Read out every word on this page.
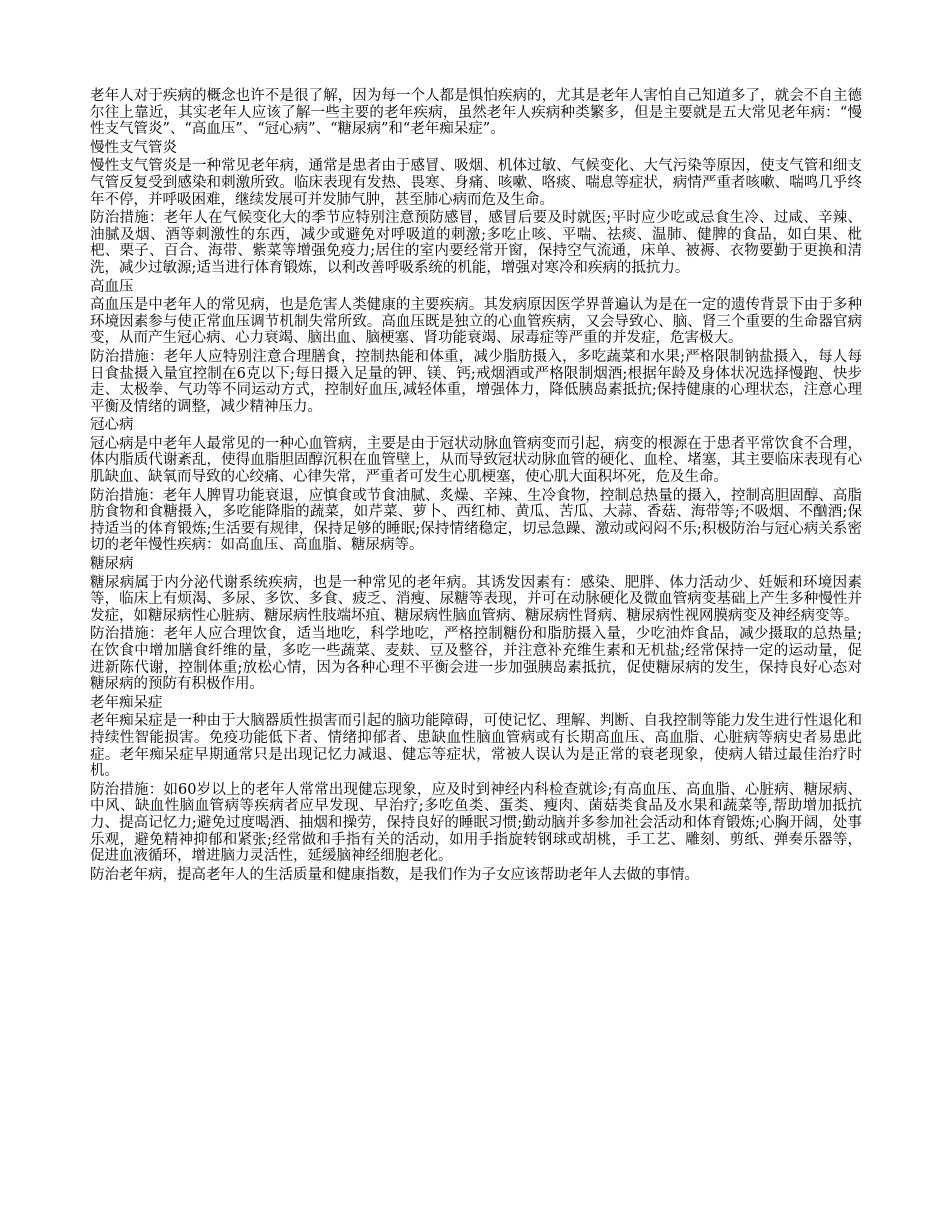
老年人对于疾病的概念也许不是很了解，因为每一个人都是惧怕疾病的，尤其是老年人害怕自己知道多了，就会不自主德尔往上靠近，其实老年人应该了解一些主要的老年疾病，虽然老年人疾病种类繁多，但是主要就是五大常见老年病：“慢性支气管炎”、“高血压”、“冠心病”、“糖尿病”和“老年痴呆症”。

慢性支气管炎

慢性支气管炎是一种常见老年病，通常是患者由于感冒、吸烟、机体过敏、气候变化、大气污染等原因，使支气管和细支气管反复受到感染和刺激所致。临床表现有发热、畏寒、身痛、咳嗽、咯痰、喘息等症状，病情严重者咳嗽、喘鸣几乎终年不停，并呼吸困难，继续发展可并发肺气肿，甚至肺心病而危及生命。

防治措施：老年人在气候变化大的季节应特别注意预防感冒，感冒后要及时就医;平时应少吃或忌食生冷、过咸、辛辣、油腻及烟、酒等刺激性的东西，减少或避免对呼吸道的刺激;多吃止咳、平喘、祛痰、温肺、健脾的食品，如白果、枇杷、栗子、百合、海带、紫菜等增强免疫力;居住的室内要经常开窗，保持空气流通，床单、被褥、衣物要勤于更换和清洗，减少过敏源;适当进行体育锻炼，以利改善呼吸系统的机能，增强对寒冷和疾病的抵抗力。

高血压

高血压是中老年人的常见病，也是危害人类健康的主要疾病。其发病原因医学界普遍认为是在一定的遗传背景下由于多种环境因素参与使正常血压调节机制失常所致。高血压既是独立的心血管疾病，又会导致心、脑、肾三个重要的生命器官病变，从而产生冠心病、心力衰竭、脑出血、脑梗塞、肾功能衰竭、尿毒症等严重的并发症，危害极大。

防治措施：老年人应特别注意合理膳食，控制热能和体重，减少脂肪摄入，多吃蔬菜和水果;严格限制钠盐摄入，每人每日食盐摄入量宜控制在6克以下;每日摄入足量的钾、镁、钙;戒烟酒或严格限制烟酒;根据年龄及身体状况选择慢跑、快步走、太极拳、气功等不同运动方式，控制好血压,减轻体重，增强体力，降低胰岛素抵抗;保持健康的心理状态，注意心理平衡及情绪的调整，减少精神压力。

冠心病

冠心病是中老年人最常见的一种心血管病，主要是由于冠状动脉血管病变而引起，病变的根源在于患者平常饮食不合理，体内脂质代谢紊乱，使得血脂胆固醇沉积在血管壁上，从而导致冠状动脉血管的硬化、血栓、堵塞，其主要临床表现有心肌缺血、缺氧而导致的心绞痛、心律失常，严重者可发生心肌梗塞，使心肌大面积坏死，危及生命。

防治措施：老年人脾胃功能衰退，应慎食或节食油腻、炙燥、辛辣、生冷食物，控制总热量的摄入，控制高胆固醇、高脂肪食物和食糖摄入，多吃能降脂的蔬菜，如芹菜、萝卜、西红柿、黄瓜、苦瓜、大蒜、香菇、海带等;不吸烟、不酗酒;保持适当的体育锻炼;生活要有规律，保持足够的睡眠;保持情绪稳定，切忌急躁、激动或闷闷不乐;积极防治与冠心病关系密切的老年慢性疾病：如高血压、高血脂、糖尿病等。

糖尿病

糖尿病属于内分泌代谢系统疾病，也是一种常见的老年病。其诱发因素有：感染、肥胖、体力活动少、妊娠和环境因素等，临床上有烦渴、多尿、多饮、多食、疲乏、消瘦、尿糖等表现，并可在动脉硬化及微血管病变基础上产生多种慢性并发症，如糖尿病性心脏病、糖尿病性肢端坏疽、糖尿病性脑血管病、糖尿病性肾病、糖尿病性视网膜病变及神经病变等。

防治措施：老年人应合理饮食，适当地吃，科学地吃，严格控制糖份和脂肪摄入量，少吃油炸食品，减少摄取的总热量;在饮食中增加膳食纤维的量，多吃一些蔬菜、麦麸、豆及整谷，并注意补充维生素和无机盐;经常保持一定的运动量，促进新陈代谢，控制体重;放松心情，因为各种心理不平衡会进一步加强胰岛素抵抗，促使糖尿病的发生，保持良好心态对糖尿病的预防有积极作用。

老年痴呆症

老年痴呆症是一种由于大脑器质性损害而引起的脑功能障碍，可使记忆、理解、判断、自我控制等能力发生进行性退化和持续性智能损害。免疫功能低下者、情绪抑郁者、患缺血性脑血管病或有长期高血压、高血脂、心脏病等病史者易患此症。老年痴呆症早期通常只是出现记忆力减退、健忘等症状，常被人误认为是正常的衰老现象，使病人错过最佳治疗时机。

防治措施：如60岁以上的老年人常常出现健忘现象，应及时到神经内科检查就诊;有高血压、高血脂、心脏病、糖尿病、中风、缺血性脑血管病等疾病者应早发现、早治疗;多吃鱼类、蛋类、瘦肉、菌菇类食品及水果和蔬菜等,帮助增加抵抗力、提高记忆力;避免过度喝酒、抽烟和操劳，保持良好的睡眠习惯;勤动脑并多参加社会活动和体育锻炼;心胸开阔，处事乐观，避免精神抑郁和紧张;经常做和手指有关的活动，如用手指旋转钢球或胡桃，手工艺、雕刻、剪纸、弹奏乐器等，促进血液循环，增进脑力灵活性，延缓脑神经细胞老化。

防治老年病，提高老年人的生活质量和健康指数，是我们作为子女应该帮助老年人去做的事情。
